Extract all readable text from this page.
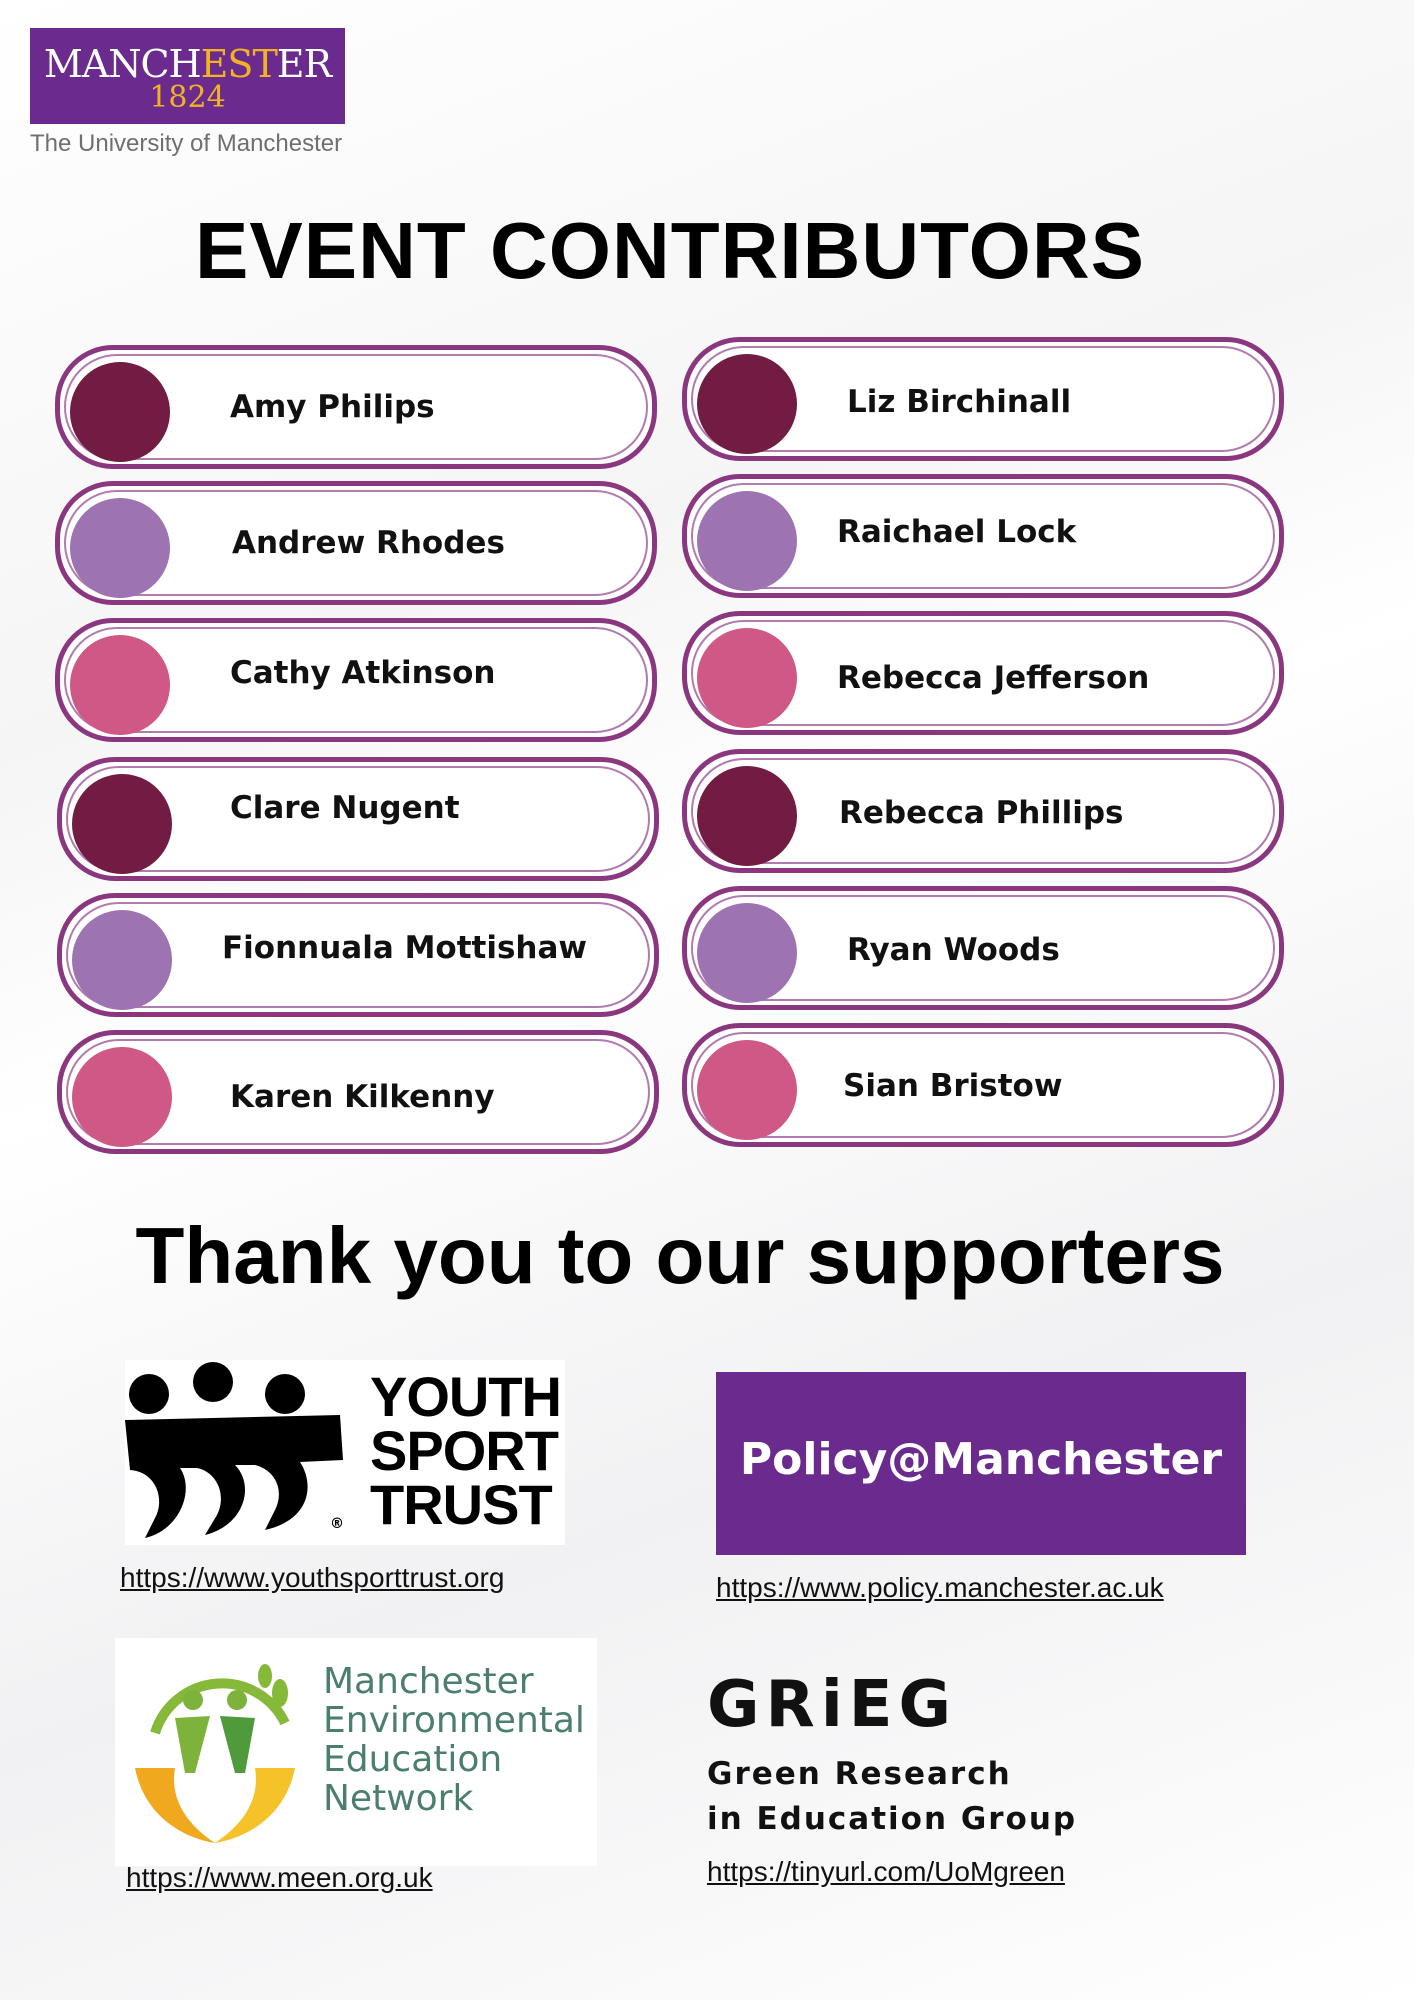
MANCHESTER
1824
The University of Manchester
EVENT CONTRIBUTORS
Amy Philips
Andrew Rhodes
Cathy Atkinson
Clare Nugent
Fionnuala Mottishaw
Karen Kilkenny
Liz Birchinall
Raichael Lock
Rebecca Jefferson
Rebecca Phillips
Ryan Woods
Sian Bristow
Thank you to our supporters
YOUTH
SPORT
TRUST
®
https://www.youthsporttrust.org
Policy@Manchester
https://www.policy.manchester.ac.uk
Manchester
Environmental
Education
Network
https://www.meen.org.uk
GRiEG
Green Research
in Education Group
https://tinyurl.com/UoMgreen
